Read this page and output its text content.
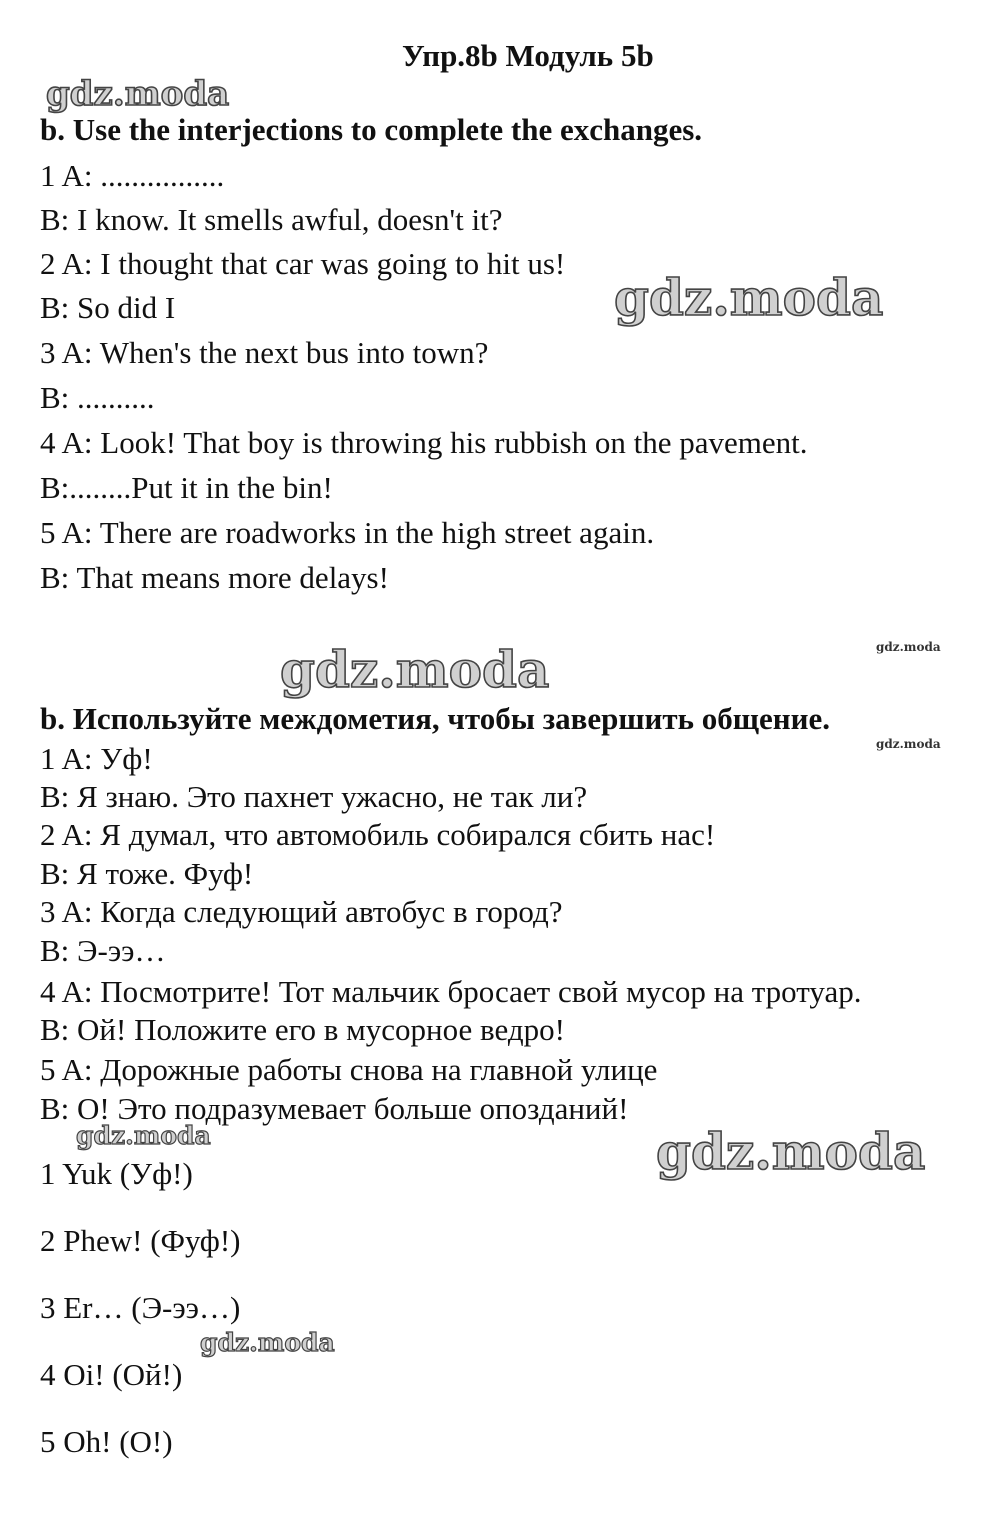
Упр.8b Модуль 5b
gdz.moda
gdz.moda
gdz.moda	gdz.moda
gdz.moda
gdz.moda	gdz.moda
gdz.moda
b. Use the interjections to complete the exchanges.
1 A: ................
B: I know. It smells awful, doesn't it?
2 A: I thought that car was going to hit us!
B: So did I
3 A: When's the next bus into town?
B: ..........
4 A: Look! That boy is throwing his rubbish on the pavement.
B:........Put it in the bin!
5 A: There are roadworks in the high street again.
B: That means more delays!
b. Используйте междометия, чтобы завершить общение.
1 A: Уф!
B: Я знаю. Это пахнет ужасно, не так ли?
2 A: Я думал, что автомобиль собирался сбить нас!
B: Я тоже. Фуф!
3 A: Когда следующий автобус в город?
B: Э-ээ…
4 A: Посмотрите! Тот мальчик бросает свой мусор на тротуар.
B: Ой! Положите его в мусорное ведро!
5 A: Дорожные работы снова на главной улице
B: О! Это подразумевает больше опозданий!
1 Yuk (Уф!)
2 Phew! (Фуф!)
3 Er… (Э-ээ…)
4 Oi! (Ой!)
5 Oh! (O!)
